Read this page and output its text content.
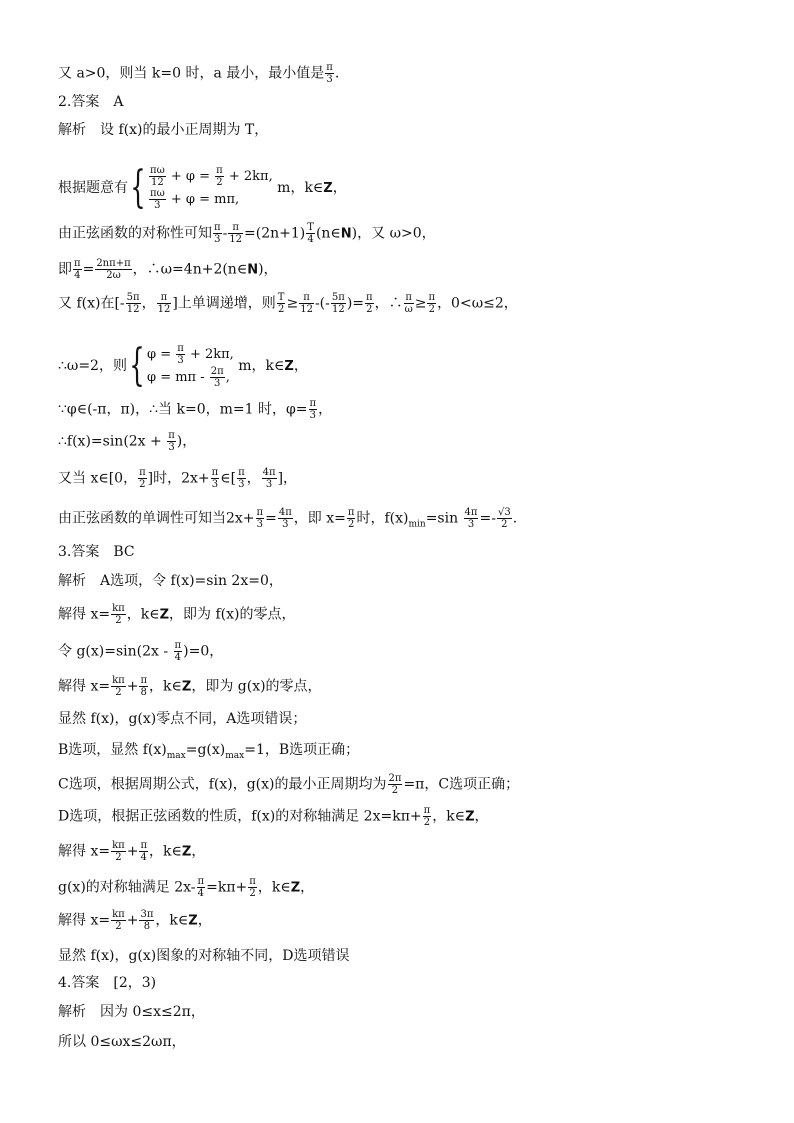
又 a>0，则当 k=0 时，a 最小，最小值是 $\frac{\pi}{3}$ .
2.答案　A
解析　设 f(x)的最小正周期为 T，
根据题意有{ $\frac{\pi\omega}{12} + \varphi = \frac{\pi}{2} + 2k\pi$,
$\frac{\pi\omega}{3} + \varphi = m\pi$,
m，k∈Z，
由正弦函数的对称性可知 $\frac{\pi}{3} - \frac{\pi}{12} =(2n+1) \frac{T}{4}$ (n∈N)，又 ω>0，
即 $\frac{\pi}{4} = \frac{2n\pi+\pi}{2\omega}$ ，∴ω=4n+2(n∈N)，
又 f(x)在[- $\frac{5\pi}{12}$ ， $\frac{\pi}{12}$ ]上单调递增，则 $\frac{T}{2} \ge \frac{\pi}{12}$ -(- $\frac{5\pi}{12}$ )= $\frac{\pi}{2}$ ，∴ $\frac{\pi}{\omega} \ge \frac{\pi}{2}$ ，0<ω≤2，
∴ω=2，则{ $\varphi = \frac{\pi}{3} + 2k\pi$,
$\varphi = m\pi - \frac{2\pi}{3}$ ,
m，k∈Z，
∵φ∈(-π，π)，∴当 k=0，m=1 时，$\varphi= \frac{\pi}{3}$ ，
∴f(x)=sin(2x + $\frac{\pi}{3}$ )，
又当 x∈[0， $\frac{\pi}{2}$ ]时，$2x+ \frac{\pi}{3}$ ∈[ $\frac{\pi}{3}$ ， $\frac{4\pi}{3}$ ]，
由正弦函数的单调性可知当$2x+ \frac{\pi}{3} = \frac{4\pi}{3}$ ，即 $x= \frac{\pi}{2}$ 时，$f(x)_{min}=\sin \frac{4\pi}{3} =- \frac{√3}{2}$ .
3.答案　BC
解析　A选项，令 f(x)=sin 2x=0，
解得 $x= \frac{k\pi}{2}$ ，k∈Z，即为 f(x)的零点，
令 $g(x)=\sin(2x - \frac{\pi}{4} )=0$，
解得 $x= \frac{k\pi}{2} + \frac{\pi}{8}$ ，k∈Z，即为 g(x)的零点，
显然 f(x)，g(x)零点不同，A选项错误；
B选项，显然 $f(x)_{max}=g(x)_{max}=1$，B选项正确；
C选项，根据周期公式，f(x)，g(x)的最小正周期均为 $\frac{2\pi}{2} =\pi$，C选项正确；
D选项，根据正弦函数的性质，f(x)的对称轴满足 $2x=k\pi+ \frac{\pi}{2}$ ，k∈Z，
解得 $x= \frac{k\pi}{2} + \frac{\pi}{4}$ ，k∈Z，
g(x)的对称轴满足 $2x- \frac{\pi}{4} =k\pi+ \frac{\pi}{2}$ ，k∈Z，
解得 $x= \frac{k\pi}{2} + \frac{3\pi}{8}$ ，k∈Z，
显然 f(x)，g(x)图象的对称轴不同，D选项错误
4.答案　[2，3)
解析　因为 0≤x≤2π，
所以 0≤ωx≤2ωπ，
